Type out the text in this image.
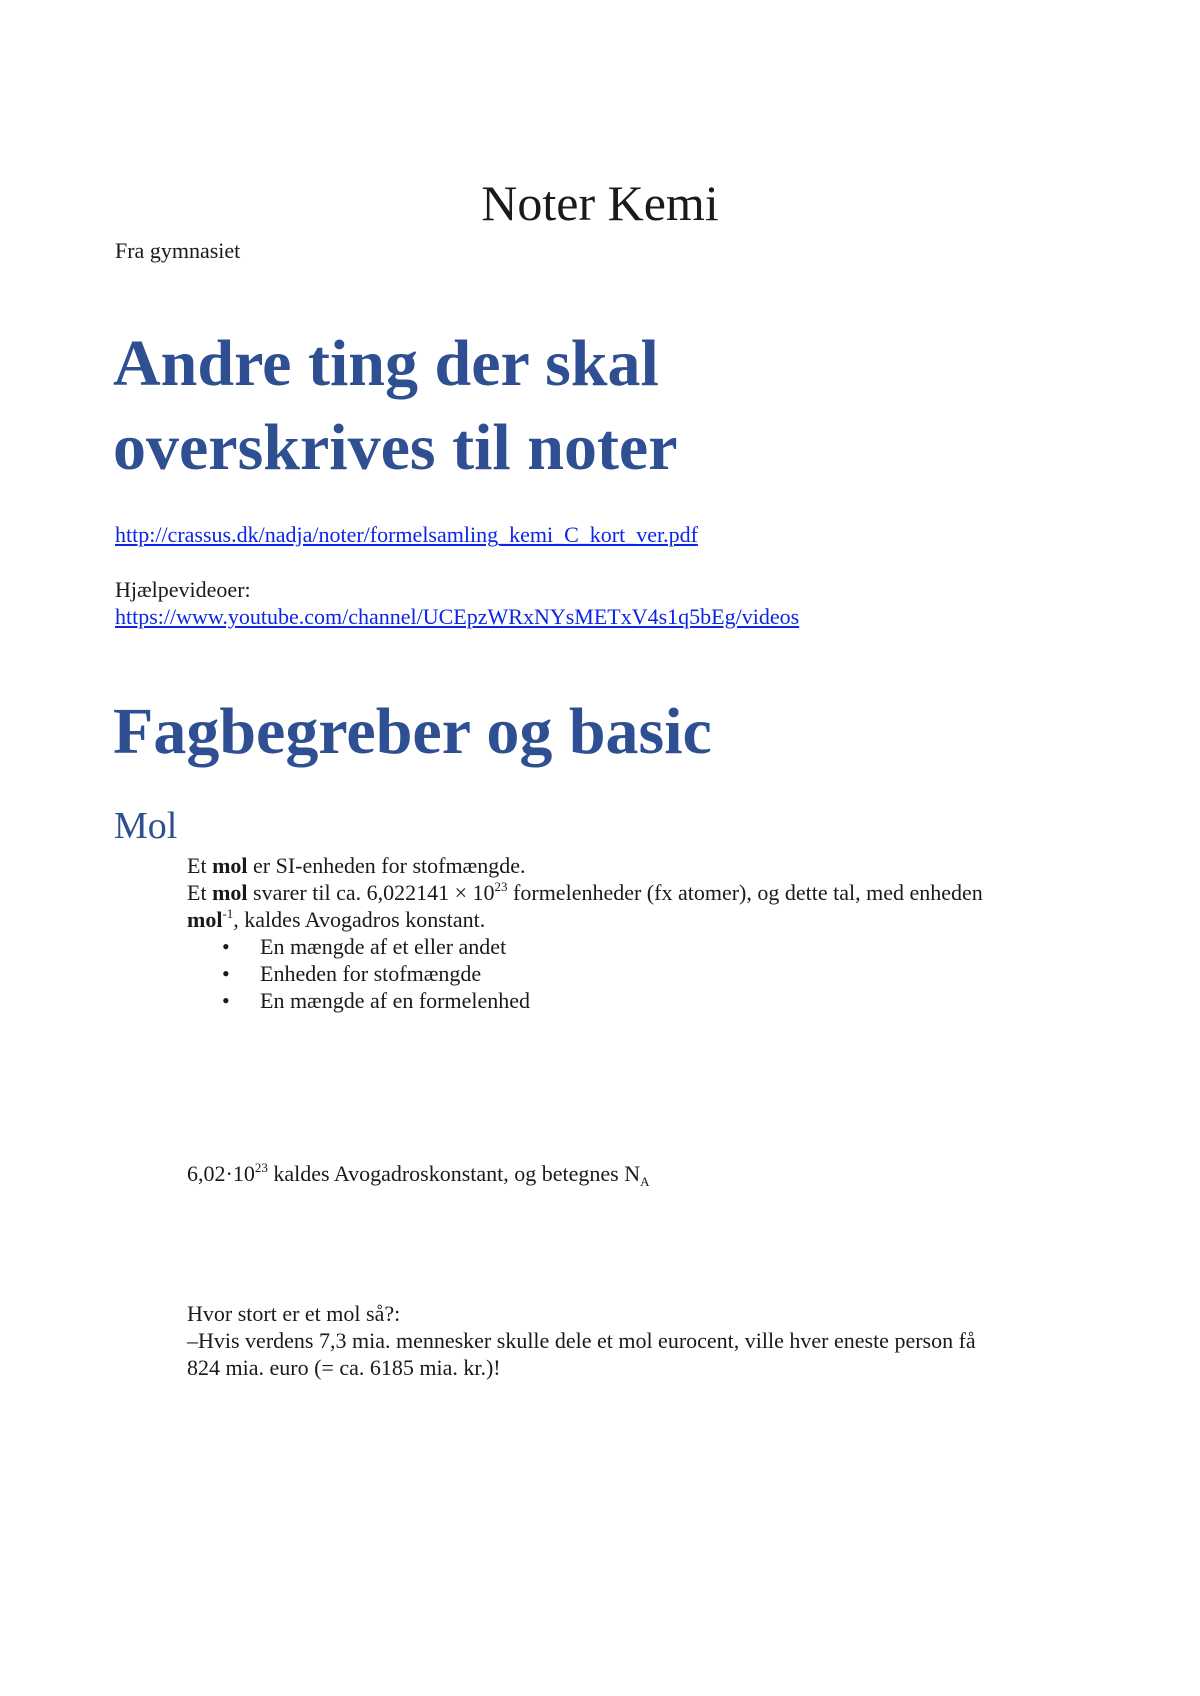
Noter Kemi

Fra gymnasiet

Andre ting der skal
overskrives til noter
http://crassus.dk/nadja/noter/formelsamling_kemi_C_kort_ver.pdf

Hjælpevideoer:

https://www.youtube.com/channel/UCEpzWRxNYsMETxV4s1q5bEg/videos
Fagbegreber og basic
Mol

Et mol er SI-enheden for stofmængde.

Et mol svarer til ca. $6,022141 \times 10^{23}$ formelenheder (fx atomer), og dette tal, med enheden

mol$^{-1}$, kaldes Avogadros konstant.

• En mængde af et eller andet
• Enheden for stofmængde
• En mængde af en formelenhed

$6,02\cdot 10^{23}$ kaldes Avogadroskonstant, og betegnes $N_A$

Hvor stort er et mol så?:

–Hvis verdens 7,3 mia. mennesker skulle dele et mol eurocent, ville hver eneste person få

824 mia. euro (= ca. 6185 mia. kr.)!
